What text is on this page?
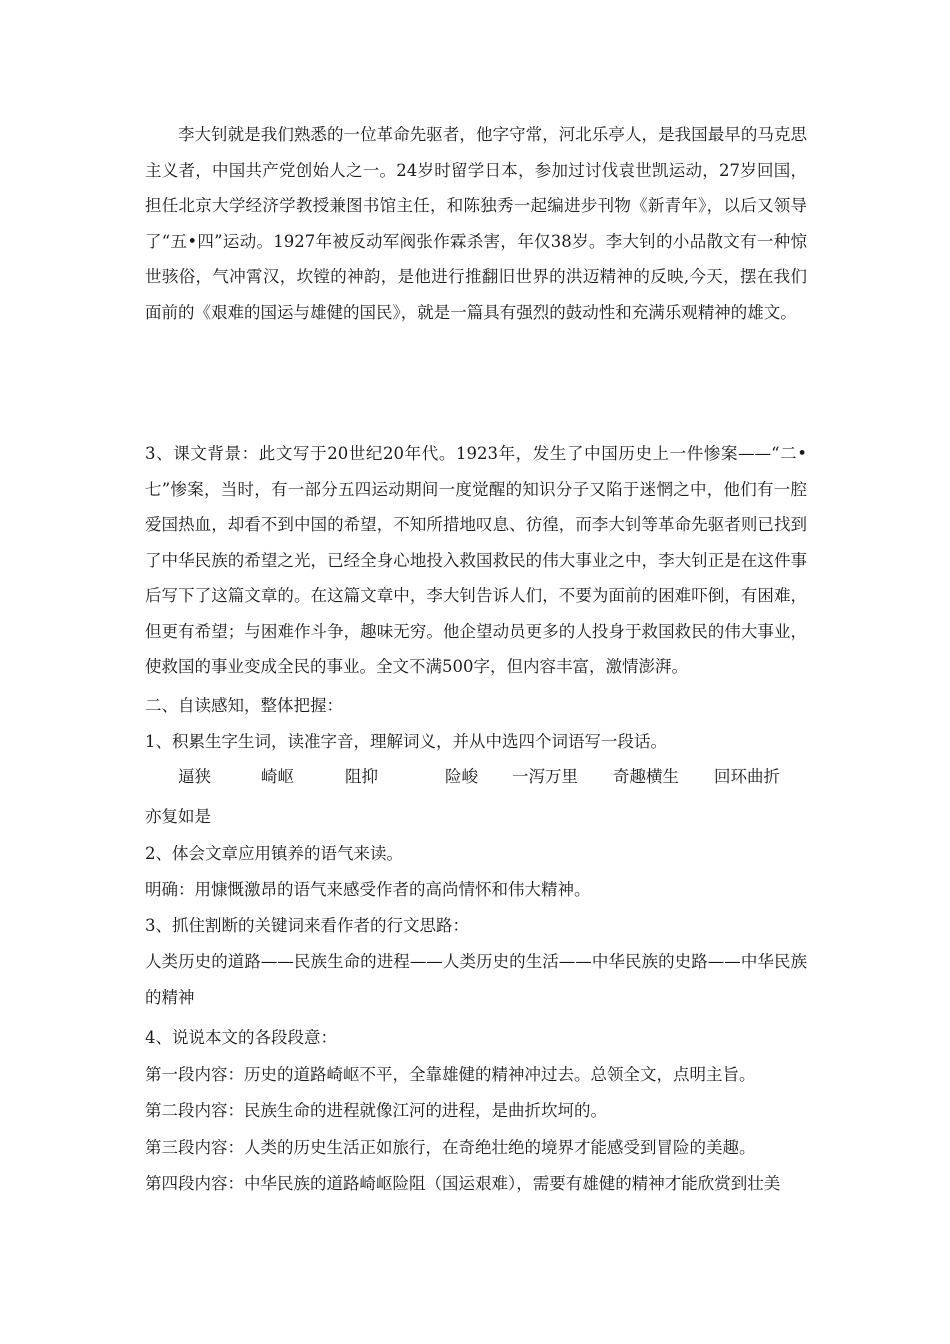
李大钊就是我们熟悉的一位革命先驱者，他字守常，河北乐亭人，是我国最早的马克思主义者，中国共产党创始人之一。24岁时留学日本，参加过讨伐袁世凯运动，27岁回国，担任北京大学经济学教授兼图书馆主任，和陈独秀一起编进步刊物《新青年》，以后又领导了“五•四”运动。1927年被反动军阀张作霖杀害，年仅38岁。李大钊的小品散文有一种惊世骇俗，气冲霄汉，坎镗的神韵，是他进行推翻旧世界的洪迈精神的反映,今天，摆在我们面前的《艰难的国运与雄健的国民》，就是一篇具有强烈的鼓动性和充满乐观精神的雄文。

3、课文背景：此文写于20世纪20年代。1923年，发生了中国历史上一件惨案——“二•七”惨案，当时，有一部分五四运动期间一度觉醒的知识分子又陷于迷惘之中，他们有一腔爱国热血，却看不到中国的希望，不知所措地叹息、彷徨，而李大钊等革命先驱者则已找到了中华民族的希望之光，已经全身心地投入救国救民的伟大事业之中，李大钊正是在这件事后写下了这篇文章的。在这篇文章中，李大钊告诉人们，不要为面前的困难吓倒，有困难，但更有希望；与困难作斗争，趣味无穷。他企望动员更多的人投身于救国救民的伟大事业，使救国的事业变成全民的事业。全文不满500字，但内容丰富，激情澎湃。

二、自读感知，整体把握：

1、积累生字生词，读准字音，理解词义，并从中选四个词语写一段话。

逼狭	崎岖	阻抑	险峻 一泻万里 奇趣横生 回环曲折

亦复如是

2、体会文章应用镇养的语气来读。

明确：用慷慨激昂的语气来感受作者的高尚情怀和伟大精神。

3、抓住割断的关键词来看作者的行文思路：

人类历史的道路——民族生命的进程——人类历史的生活——中华民族的史路——中华民族的精神

4、说说本文的各段段意：

第一段内容：历史的道路崎岖不平，全靠雄健的精神冲过去。总领全文，点明主旨。

第二段内容：民族生命的进程就像江河的进程，是曲折坎坷的。

第三段内容：人类的历史生活正如旅行，在奇绝壮绝的境界才能感受到冒险的美趣。

第四段内容：中华民族的道路崎岖险阻（国运艰难），需要有雄健的精神才能欣赏到壮美
